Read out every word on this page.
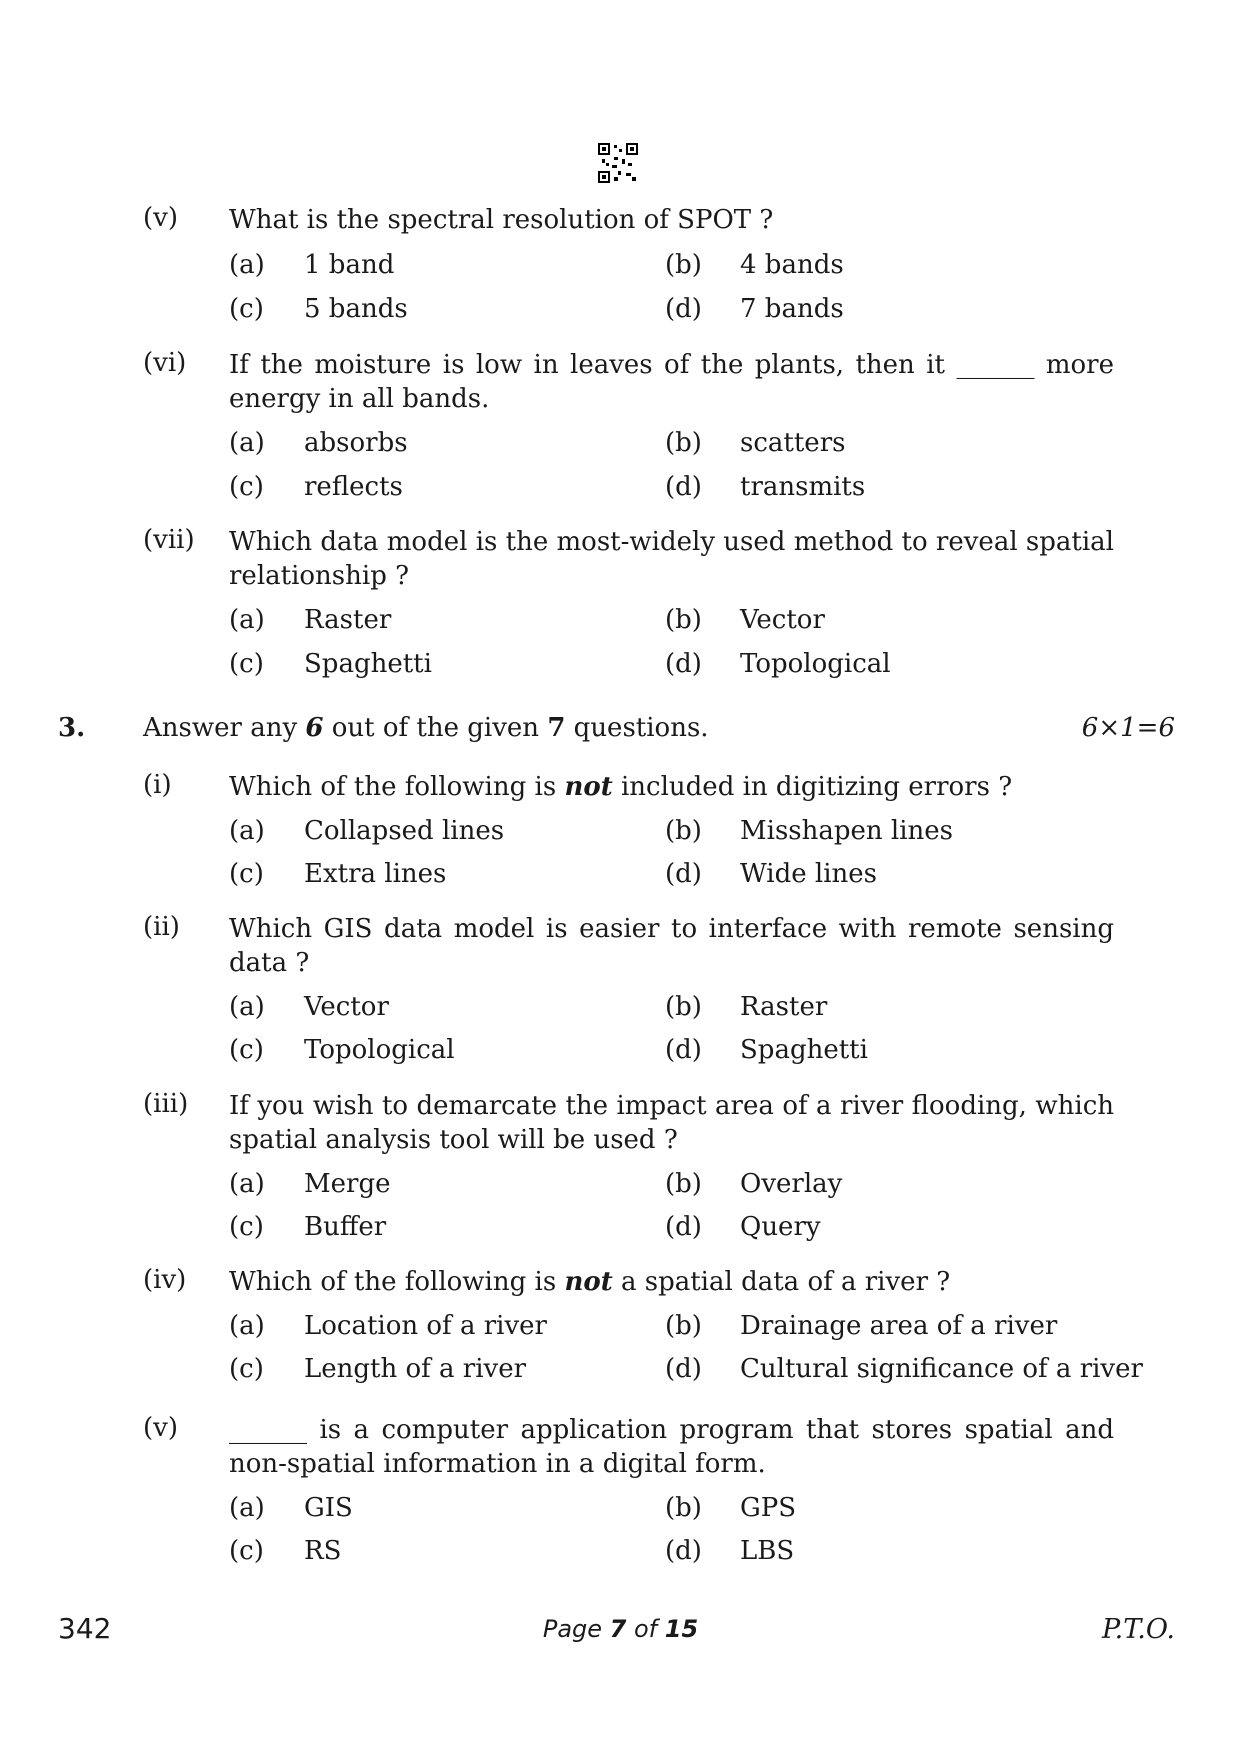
(v) What is the spectral resolution of SPOT ?
(a) 1 band	(b) 4 bands
(c) 5 bands	(d) 7 bands
(vi) If the moisture is low in leaves of the plants, then it ______ more energy in all bands.
(a) absorbs	(b) scatters
(c) reflects	(d) transmits
(vii) Which data model is the most-widely used method to reveal spatial relationship ?
(a) Raster	(b) Vector
(c) Spaghetti	(d) Topological
3. Answer any 6 out of the given 7 questions.	6×1=6
(i) Which of the following is not included in digitizing errors ?
(a) Collapsed lines	(b) Misshapen lines
(c) Extra lines	(d) Wide lines
(ii) Which GIS data model is easier to interface with remote sensing data ?
(a) Vector	(b) Raster
(c) Topological	(d) Spaghetti
(iii) If you wish to demarcate the impact area of a river flooding, which spatial analysis tool will be used ?
(a) Merge	(b) Overlay
(c) Buffer	(d) Query
(iv) Which of the following is not a spatial data of a river ?
(a) Location of a river	(b) Drainage area of a river
(c) Length of a river	(d) Cultural significance of a river
(v) ______ is a computer application program that stores spatial and non-spatial information in a digital form.
(a) GIS	(b) GPS
(c) RS	(d) LBS
342	Page 7 of 15	P.T.O.
